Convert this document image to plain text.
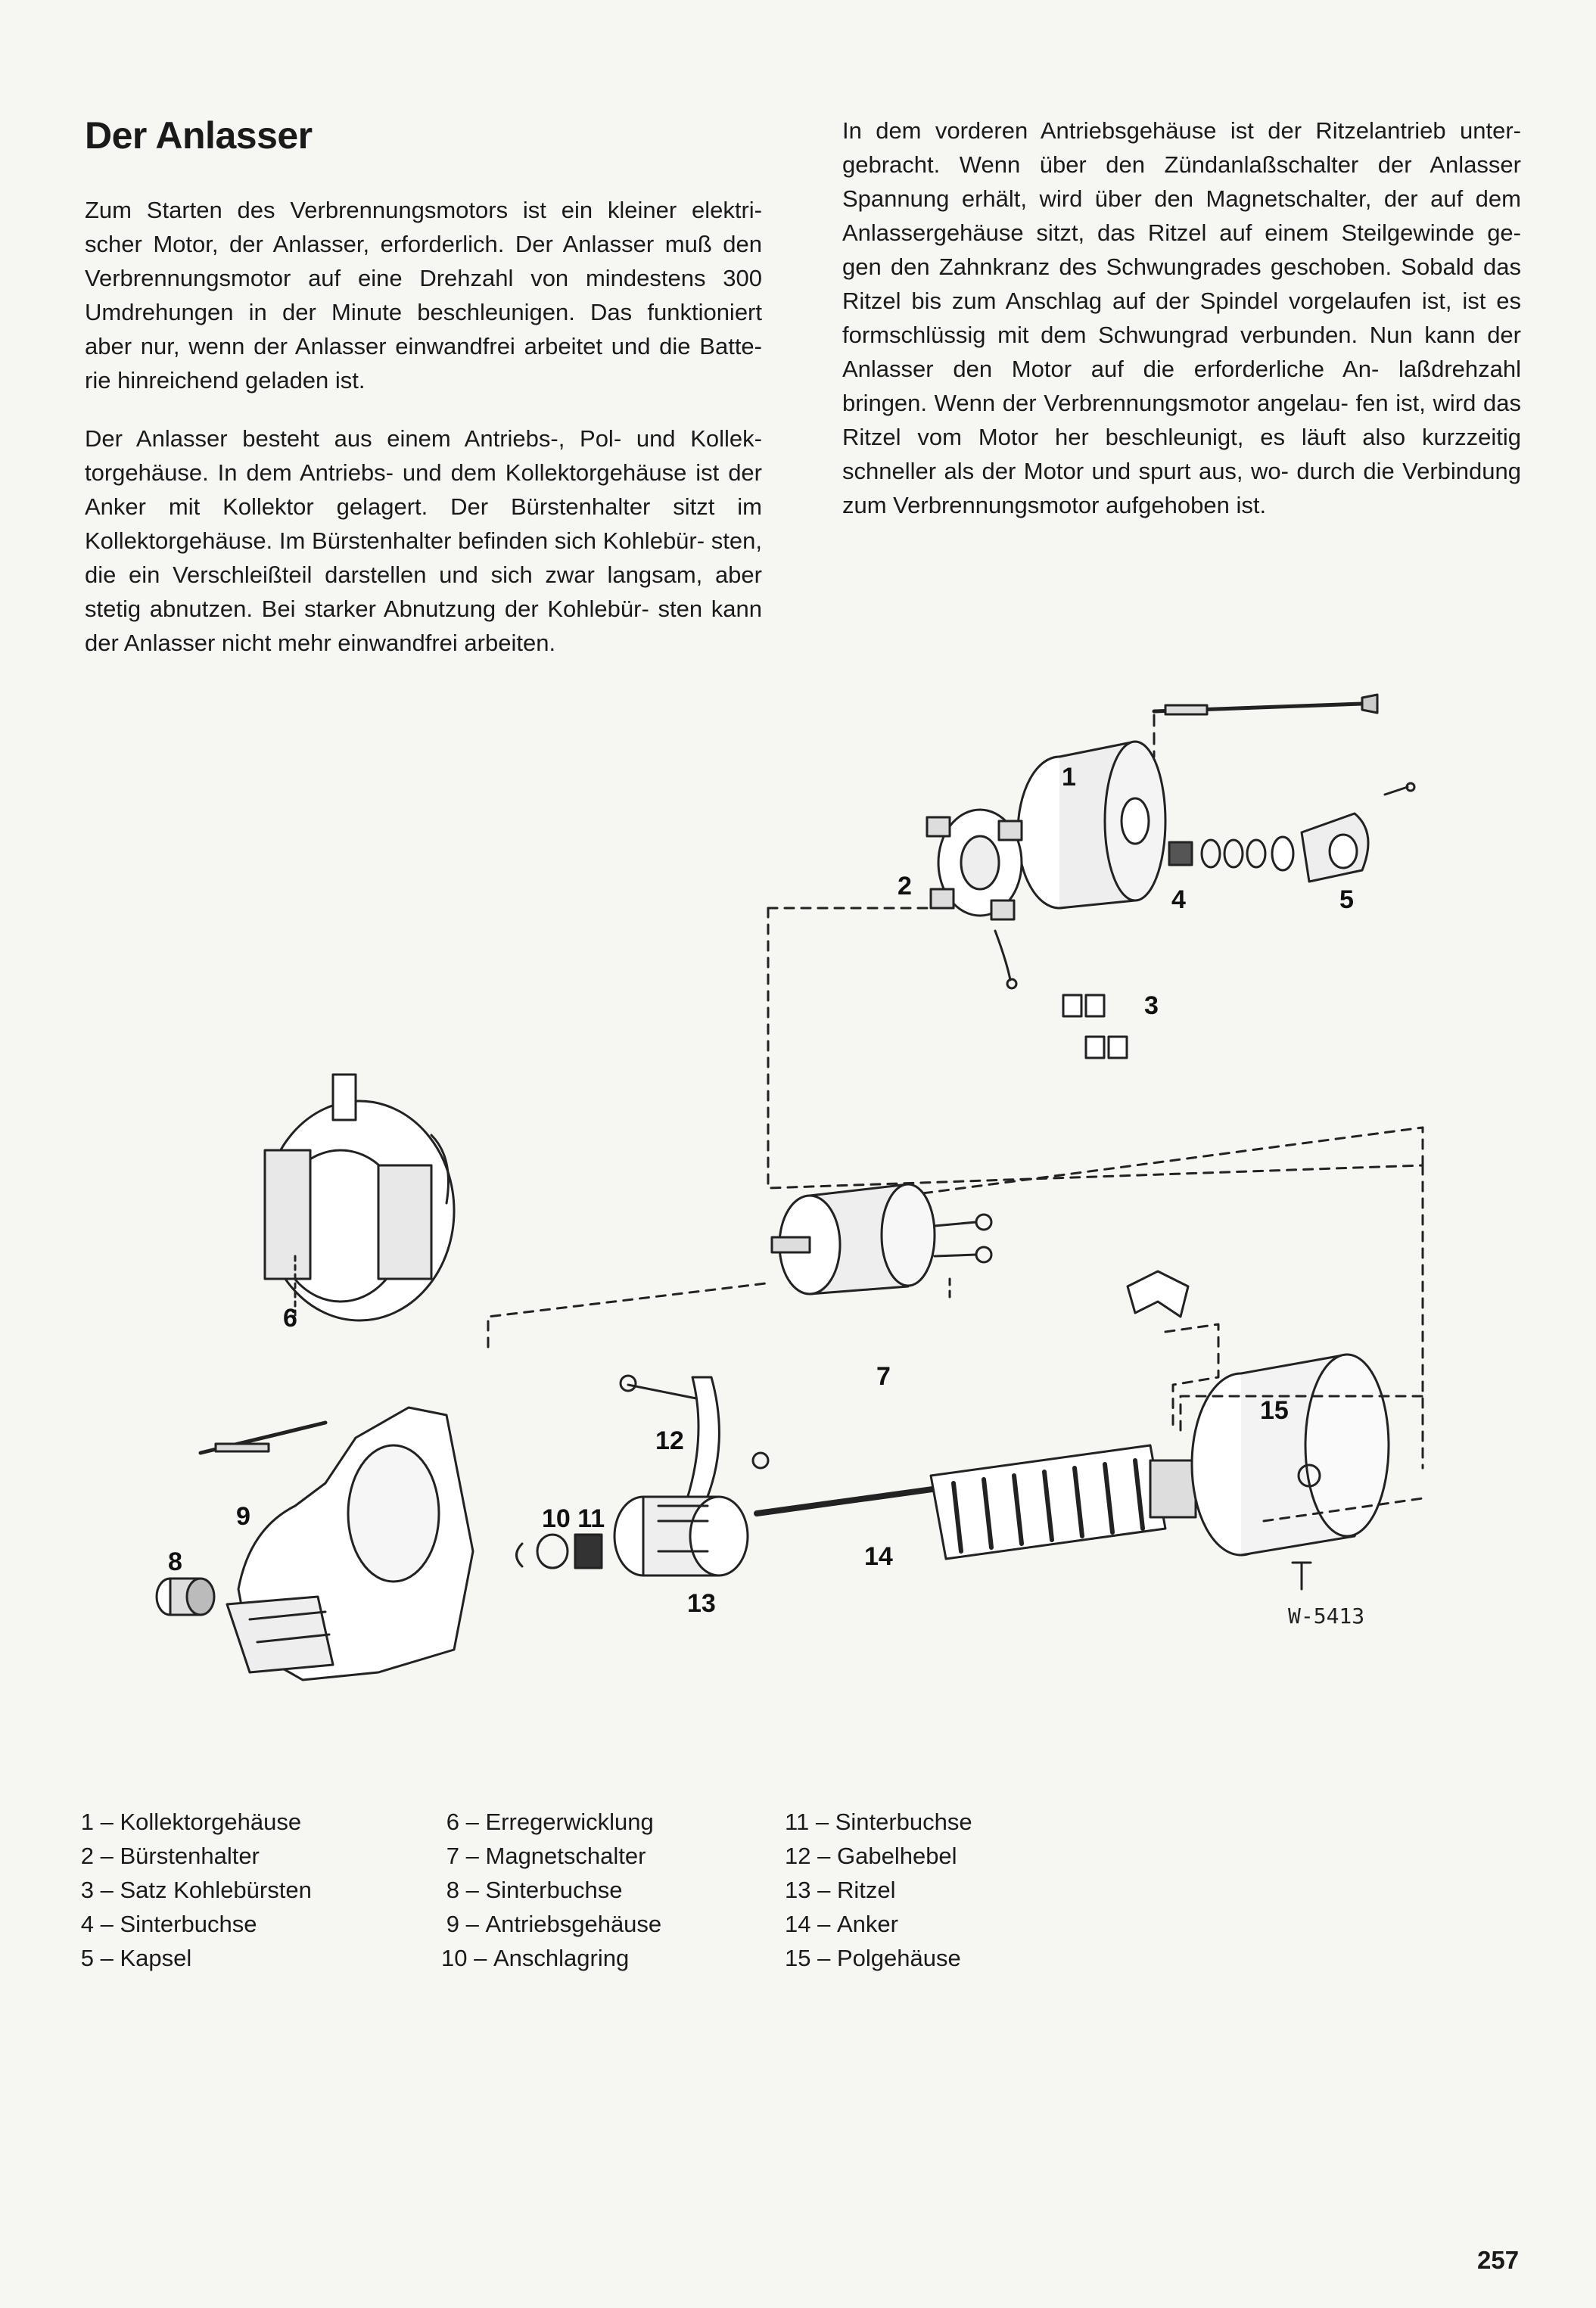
Der Anlasser

Zum Starten des Verbrennungsmotors ist ein kleiner elektri- scher Motor, der Anlasser, erforderlich. Der Anlasser muß den Verbrennungsmotor auf eine Drehzahl von mindestens 300 Umdrehungen in der Minute beschleunigen. Das funktioniert aber nur, wenn der Anlasser einwandfrei arbeitet und die Batte- rie hinreichend geladen ist.

Der Anlasser besteht aus einem Antriebs-, Pol- und Kollek- torgehäuse. In dem Antriebs- und dem Kollektorgehäuse ist der Anker mit Kollektor gelagert. Der Bürstenhalter sitzt im Kollektorgehäuse. Im Bürstenhalter befinden sich Kohlebür- sten, die ein Verschleißteil darstellen und sich zwar langsam, aber stetig abnutzen. Bei starker Abnutzung der Kohlebür- sten kann der Anlasser nicht mehr einwandfrei arbeiten.

In dem vorderen Antriebsgehäuse ist der Ritzelantrieb unter- gebracht. Wenn über den Zündanlaßschalter der Anlasser Spannung erhält, wird über den Magnetschalter, der auf dem Anlassergehäuse sitzt, das Ritzel auf einem Steilgewinde ge- gen den Zahnkranz des Schwungrades geschoben. Sobald das Ritzel bis zum Anschlag auf der Spindel vorgelaufen ist, ist es formschlüssig mit dem Schwungrad verbunden. Nun kann der Anlasser den Motor auf die erforderliche An- laßdrehzahl bringen. Wenn der Verbrennungsmotor angelau- fen ist, wird das Ritzel vom Motor her beschleunigt, es läuft also kurzzeitig schneller als der Motor und spurt aus, wo- durch die Verbindung zum Verbrennungsmotor aufgehoben ist.

1
2
3
4	5
6
7
8
9	10 11
12
13
14
15
W-5413
1 – Kollektorgehäuse
2 – Bürstenhalter
3 – Satz Kohlebürsten
4 – Sinterbuchse
5 – Kapsel
6 – Erregerwicklung
7 – Magnetschalter
8 – Sinterbuchse
9 – Antriebsgehäuse
10 – Anschlagring
11 – Sinterbuchse
12 – Gabelhebel
13 – Ritzel
14 – Anker
15 – Polgehäuse
257
